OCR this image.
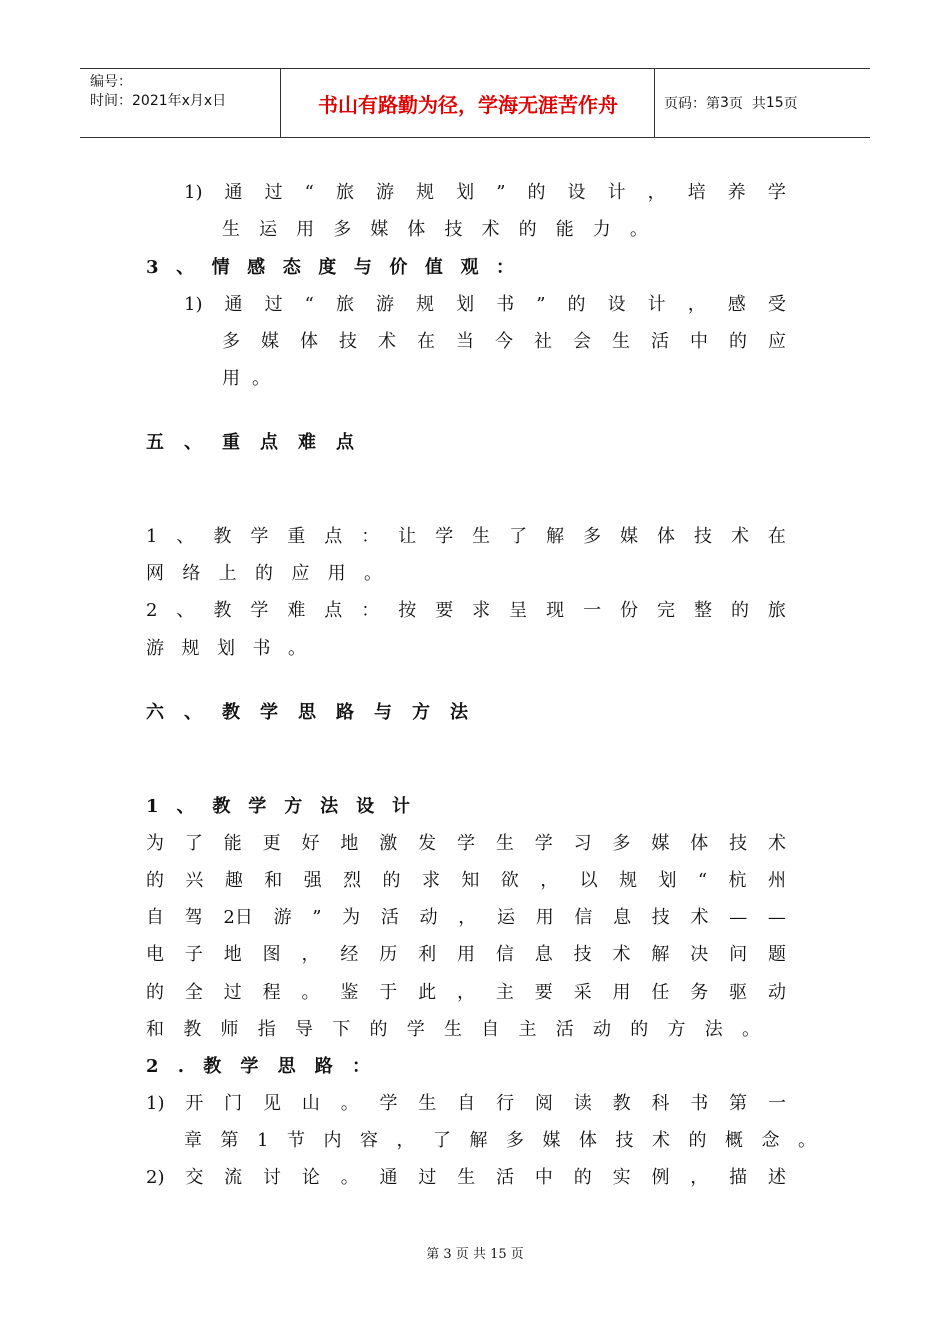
编号：
时间：2021年x月x日	书山有路勤为径，学海无涯苦作舟	页码：第 3 页  共 15 页
1) 通 过 “ 旅 游 规 划 ” 的 设 计 ， 培 养 学
生 运 用 多 媒 体 技 术 的 能 力 。
3 、 情 感 态 度 与 价 值 观 ：
1) 通 过 “ 旅 游 规 划 书 ” 的 设 计 ， 感 受
多 媒 体 技 术 在 当 今 社 会 生 活 中 的 应
用 。
五 、 重 点 难 点
1 、 教 学 重 点 ： 让 学 生 了 解 多 媒 体 技 术 在
网 络 上 的 应 用 。
2 、 教 学 难 点 ： 按 要 求 呈 现 一 份 完 整 的 旅
游 规 划 书 。
六 、 教 学 思 路 与 方 法
1 、 教 学 方 法 设 计
为 了 能 更 好 地 激 发 学 生 学 习 多 媒 体 技 术
的 兴 趣 和 强 烈 的 求 知 欲 ， 以 规 划 “ 杭 州
自 驾 2日 游 ” 为 活 动 ， 运 用 信 息 技 术 — —
电 子 地 图 ， 经 历 利 用 信 息 技 术 解 决 问 题
的 全 过 程 。 鉴 于 此 ， 主 要 采 用 任 务 驱 动
和 教 师 指 导 下 的 学 生 自 主 活 动 的 方 法 。
2 . 教 学 思 路 ：
1) 开 门 见 山 。 学 生 自 行 阅 读 教 科 书 第 一
章 第 1 节 内 容 ， 了 解 多 媒 体 技 术 的 概 念 。
2) 交 流 讨 论 。 通 过 生 活 中 的 实 例 ， 描 述
第 3 页 共 15 页
